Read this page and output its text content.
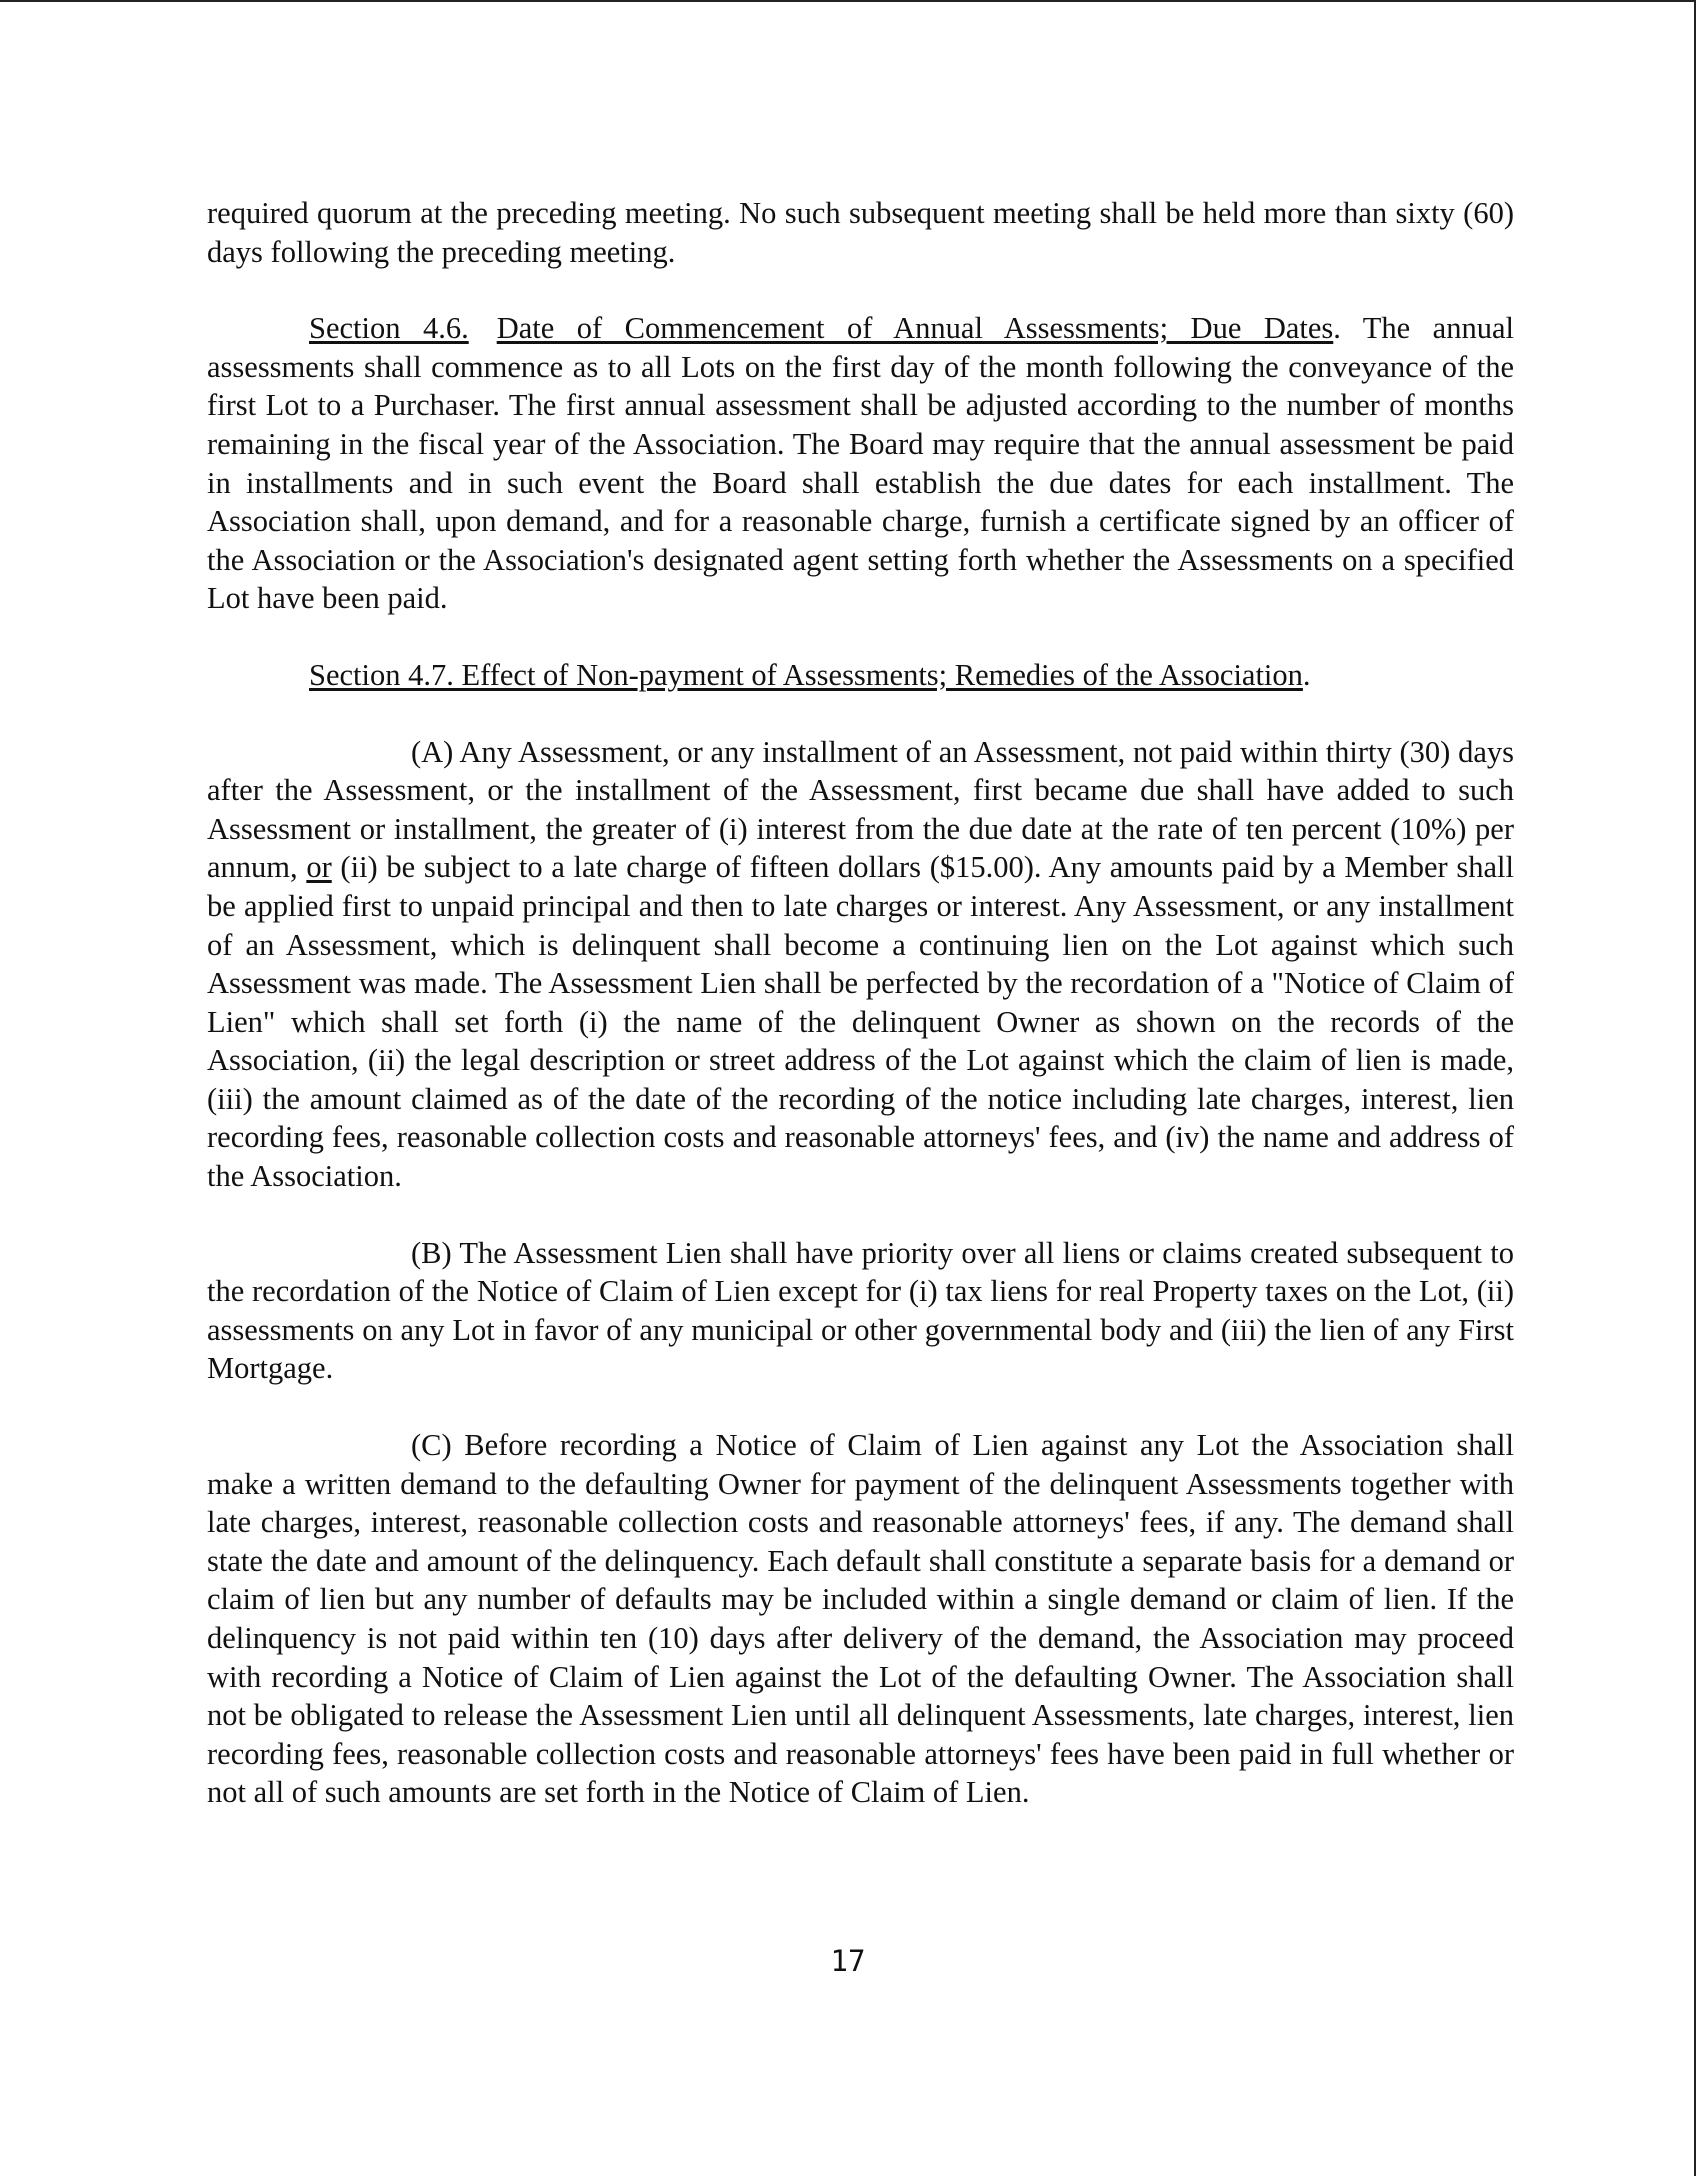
required quorum at the preceding meeting. No such subsequent meeting shall be held more than sixty (60) days following the preceding meeting.

Section 4.6. Date of Commencement of Annual Assessments; Due Dates. The annual assessments shall commence as to all Lots on the first day of the month following the conveyance of the first Lot to a Purchaser. The first annual assessment shall be adjusted according to the number of months remaining in the fiscal year of the Association. The Board may require that the annual assessment be paid in installments and in such event the Board shall establish the due dates for each installment. The Association shall, upon demand, and for a reasonable charge, furnish a certificate signed by an officer of the Association or the Association's designated agent setting forth whether the Assessments on a specified Lot have been paid.

Section 4.7. Effect of Non-payment of Assessments; Remedies of the Association.

(A) Any Assessment, or any installment of an Assessment, not paid within thirty (30) days after the Assessment, or the installment of the Assessment, first became due shall have added to such Assessment or installment, the greater of (i) interest from the due date at the rate of ten percent (10%) per annum, or (ii) be subject to a late charge of fifteen dollars ($15.00). Any amounts paid by a Member shall be applied first to unpaid principal and then to late charges or interest. Any Assessment, or any installment of an Assessment, which is delinquent shall become a continuing lien on the Lot against which such Assessment was made. The Assessment Lien shall be perfected by the recordation of a "Notice of Claim of Lien" which shall set forth (i) the name of the delinquent Owner as shown on the records of the Association, (ii) the legal description or street address of the Lot against which the claim of lien is made, (iii) the amount claimed as of the date of the recording of the notice including late charges, interest, lien recording fees, reasonable collection costs and reasonable attorneys' fees, and (iv) the name and address of the Association.

(B) The Assessment Lien shall have priority over all liens or claims created subsequent to the recordation of the Notice of Claim of Lien except for (i) tax liens for real Property taxes on the Lot, (ii) assessments on any Lot in favor of any municipal or other governmental body and (iii) the lien of any First Mortgage.

(C) Before recording a Notice of Claim of Lien against any Lot the Association shall make a written demand to the defaulting Owner for payment of the delinquent Assessments together with late charges, interest, reasonable collection costs and reasonable attorneys' fees, if any. The demand shall state the date and amount of the delinquency. Each default shall constitute a separate basis for a demand or claim of lien but any number of defaults may be included within a single demand or claim of lien. If the delinquency is not paid within ten (10) days after delivery of the demand, the Association may proceed with recording a Notice of Claim of Lien against the Lot of the defaulting Owner. The Association shall not be obligated to release the Assessment Lien until all delinquent Assessments, late charges, interest, lien recording fees, reasonable collection costs and reasonable attorneys' fees have been paid in full whether or not all of such amounts are set forth in the Notice of Claim of Lien.

17
